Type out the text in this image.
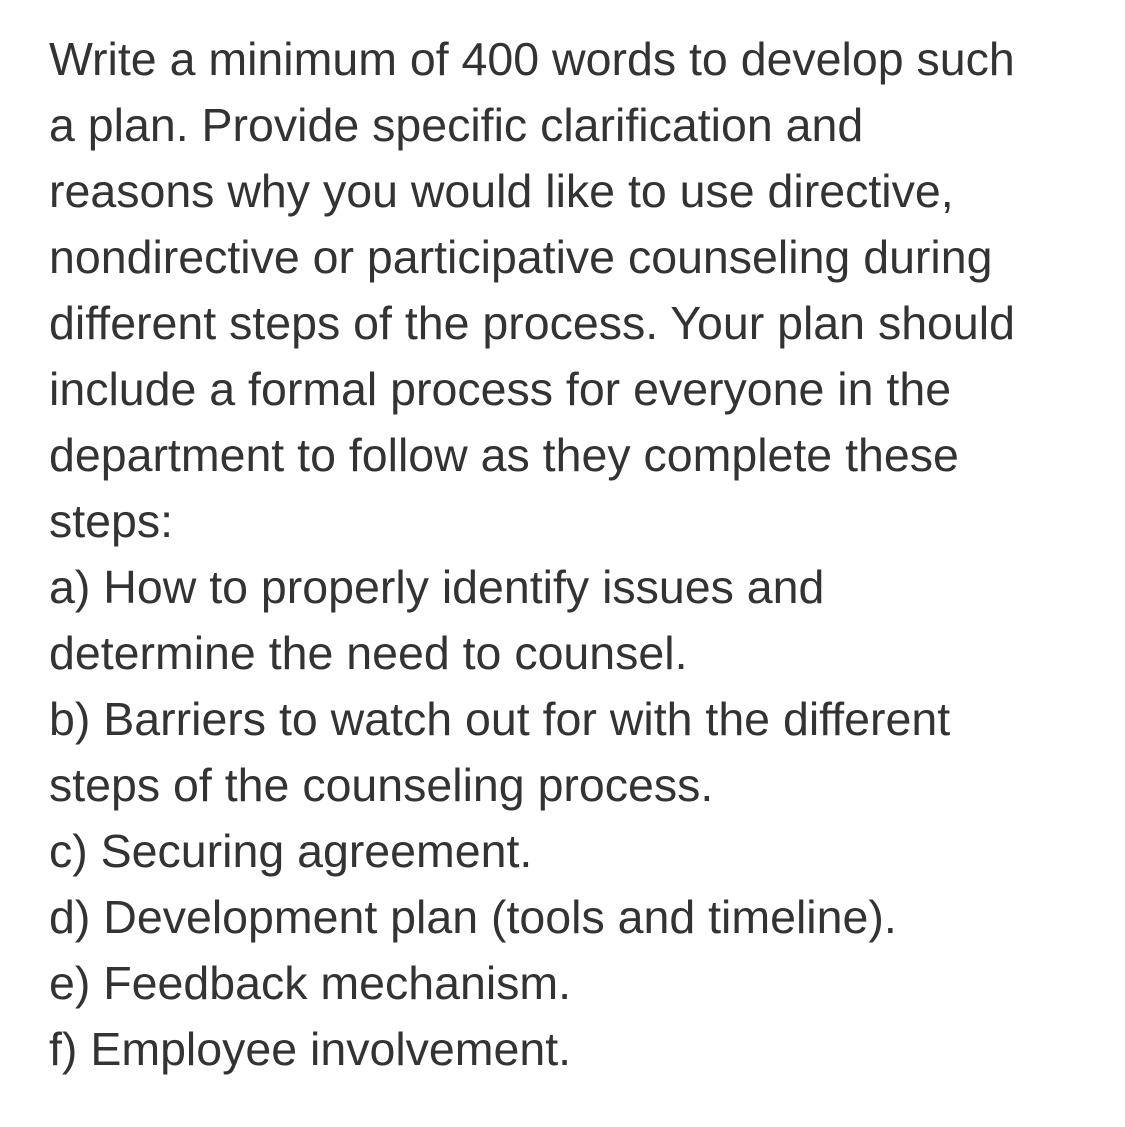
Write a minimum of 400 words to develop such
a plan. Provide specific clarification and
reasons why you would like to use directive,
nondirective or participative counseling during
different steps of the process. Your plan should
include a formal process for everyone in the
department to follow as they complete these
steps:
a) How to properly identify issues and
determine the need to counsel.
b) Barriers to watch out for with the different
steps of the counseling process.
c) Securing agreement.
d) Development plan (tools and timeline).
e) Feedback mechanism.
f) Employee involvement.
